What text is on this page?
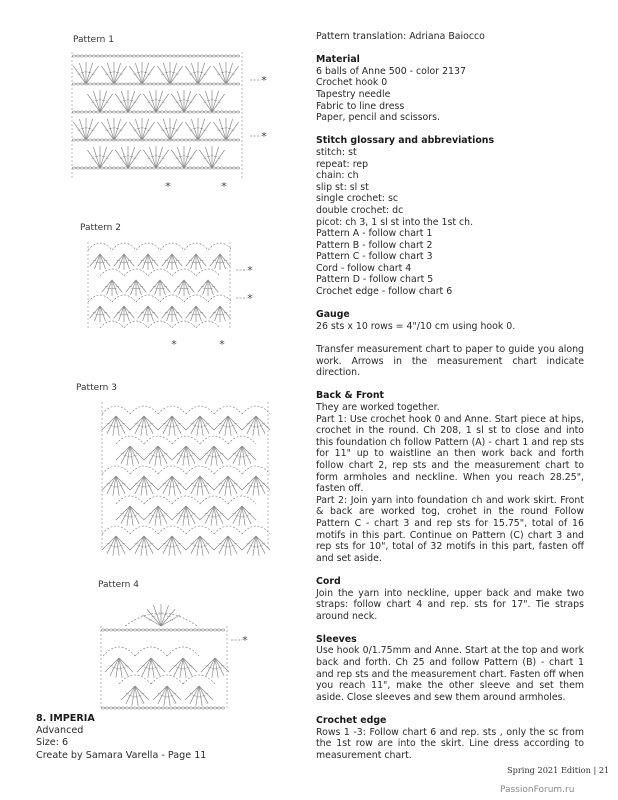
Pattern 1
*
*
*	*
Pattern 2
*
*
*	*
Pattern 3
Pattern 4
*

Pattern translation: Adriana Baiocco

Material

6 balls of Anne 500 - color 2137

Crochet hook 0

Tapestry needle

Fabric to line dress

Paper, pencil and scissors.

Stitch glossary and abbreviations

stitch: st

repeat: rep

chain: ch

slip st: sl st

single crochet: sc

double crochet: dc

picot: ch 3, 1 sl st into the 1st ch.

Pattern A - follow chart 1

Pattern B - follow chart 2

Pattern C - follow chart 3

Cord - follow chart 4

Pattern D - follow chart 5

Crochet edge - follow chart 6

Gauge

26 sts x 10 rows = 4"/10 cm using hook 0.

Transfer measurement chart to paper to guide you along work. Arrows in the measurement chart indicate direction.

Back & Front

They are worked together.

Part 1: Use crochet hook 0 and Anne. Start piece at hips, crochet in the round. Ch 208, 1 sl st to close and into this foundation ch follow Pattern (A) - chart 1 and rep sts for 11" up to waistline an then work back and forth follow chart 2, rep sts and the measurement chart to form armholes and neckline. When you reach 28.25", fasten off.

Part 2: Join yarn into foundation ch and work skirt. Front & back are worked tog, crohet in the round Follow Pattern C - chart 3 and rep sts for 15.75", total of 16 motifs in this part. Continue on Pattern (C) chart 3 and rep sts for 10", total of 32 motifs in this part, fasten off and set aside.

Cord

Join the yarn into neckline, upper back and make two straps: follow chart 4 and rep. sts for 17". Tie straps around neck.

Sleeves

Use hook 0/1.75mm and Anne. Start at the top and work back and forth. Ch 25 and follow Pattern (B) - chart 1 and rep sts and the measurement chart. Fasten off when you reach 11", make the other sleeve and set them aside. Close sleeves and sew them around armholes.

Crochet edge

Rows 1 -3: Follow chart 6 and rep. sts , only the sc from the 1st row are into the skirt. Line dress according to measurement chart.

8. IMPERIA
Advanced
Size: 6
Create by Samara Varella - Page 11
Spring 2021 Edition | 21
PassionForum.ru
